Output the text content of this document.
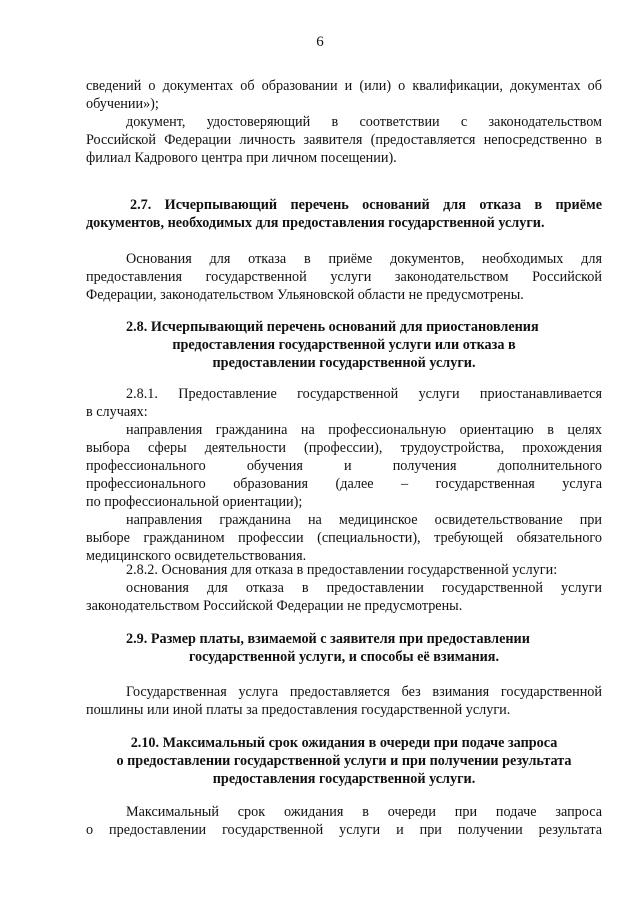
6

сведений о документах об образовании и (или) о квалификации, документах об

обучении»);

документ, удостоверяющий в соответствии с законодательством

Российской Федерации личность заявителя (предоставляется непосредственно в

филиал Кадрового центра при личном посещении).

2.7. Исчерпывающий перечень оснований для отказа в приёме

документов, необходимых для предоставления государственной услуги.

Основания для отказа в приёме документов, необходимых для

предоставления государственной услуги законодательством Российской

Федерации, законодательством Ульяновской области не предусмотрены.

2.8. Исчерпывающий перечень оснований для приостановления

предоставления государственной услуги или отказа в

предоставлении государственной услуги.

2.8.1. Предоставление государственной услуги приостанавливается

в случаях:

направления гражданина на профессиональную ориентацию в целях

выбора сферы деятельности (профессии), трудоустройства, прохождения

профессионального обучения и получения дополнительного

профессионального образования (далее – государственная услуга

по профессиональной ориентации);

направления гражданина на медицинское освидетельствование при

выборе гражданином профессии (специальности), требующей обязательного

медицинского освидетельствования.

2.8.2. Основания для отказа в предоставлении государственной услуги:

основания для отказа в предоставлении государственной услуги

законодательством Российской Федерации не предусмотрены.

2.9. Размер платы, взимаемой с заявителя при предоставлении

государственной услуги, и способы её взимания.

Государственная услуга предоставляется без взимания государственной

пошлины или иной платы за предоставления государственной услуги.

2.10. Максимальный срок ожидания в очереди при подаче запроса

о предоставлении государственной услуги и при получении результата

предоставления государственной услуги.

Максимальный срок ожидания в очереди при подаче запроса

о предоставлении государственной услуги и при получении результата
